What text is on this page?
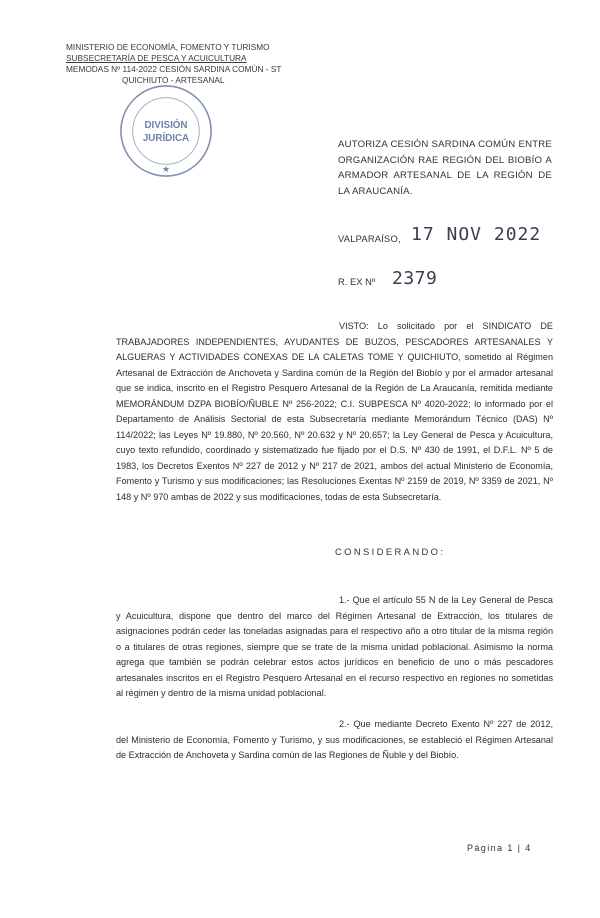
MINISTERIO DE ECONOMÍA, FOMENTO Y TURISMO
SUBSECRETARÍA DE PESCA Y ACUICULTURA
MEMODAS Nº 114-2022 CESIÓN SARDINA COMÚN - ST
QUICHIUTO - ARTESANAL
DIVISIÓN
JURÍDICA
★
AUTORIZA CESIÓN SARDINA COMÚN ENTRE ORGANIZACIÓN RAE REGIÓN DEL BIOBÍO A ARMADOR ARTESANAL DE LA REGIÓN DE LA ARAUCANÍA.
VALPARAÍSO, 17 NOV 2022
R. EX Nº 2379
VISTO: Lo solicitado por el SINDICATO DE TRABAJADORES INDEPENDIENTES, AYUDANTES DE BUZOS, PESCADORES ARTESANALES Y ALGUERAS Y ACTIVIDADES CONEXAS DE LA CALETAS TOME Y QUICHIUTO, sometido al Régimen Artesanal de Extracción de Anchoveta y Sardina común de la Región del Biobío y por el armador artesanal que se indica, inscrito en el Registro Pesquero Artesanal de la Región de La Araucanía, remitida mediante MEMORÁNDUM DZPA BIOBÍO/ÑUBLE Nº 256-2022; C.I. SUBPESCA Nº 4020-2022; lo informado por el Departamento de Análisis Sectorial de esta Subsecretaría mediante Memorándum Técnico (DAS) Nº 114/2022; las Leyes Nº 19.880, Nº 20.560, Nº 20.632 y Nº 20.657; la Ley General de Pesca y Acuicultura, cuyo texto refundido, coordinado y sistematizado fue fijado por el D.S. Nº 430 de 1991, el D.F.L. Nº 5 de 1983, los Decretos Exentos Nº 227 de 2012 y Nº 217 de 2021, ambos del actual Ministerio de Economía, Fomento y Turismo y sus modificaciones; las Resoluciones Exentas Nº 2159 de 2019, Nº 3359 de 2021, Nº 148 y Nº 970 ambas de 2022 y sus modificaciones, todas de esta Subsecretaría.
CONSIDERANDO:
1.- Que el artículo 55 N de la Ley General de Pesca y Acuicultura, dispone que dentro del marco del Régimen Artesanal de Extracción, los titulares de asignaciones podrán ceder las toneladas asignadas para el respectivo año a otro titular de la misma región o a titulares de otras regiones, siempre que se trate de la misma unidad poblacional. Asimismo la norma agrega que también se podrán celebrar estos actos jurídicos en beneficio de uno o más pescadores artesanales inscritos en el Registro Pesquero Artesanal en el recurso respectivo en regiones no sometidas al régimen y dentro de la misma unidad poblacional.
2.- Que mediante Decreto Exento Nº 227 de 2012, del Ministerio de Economía, Fomento y Turismo, y sus modificaciones, se estableció el Régimen Artesanal de Extracción de Anchoveta y Sardina común de las Regiones de Ñuble y del Biobío.
Página 1 | 4
